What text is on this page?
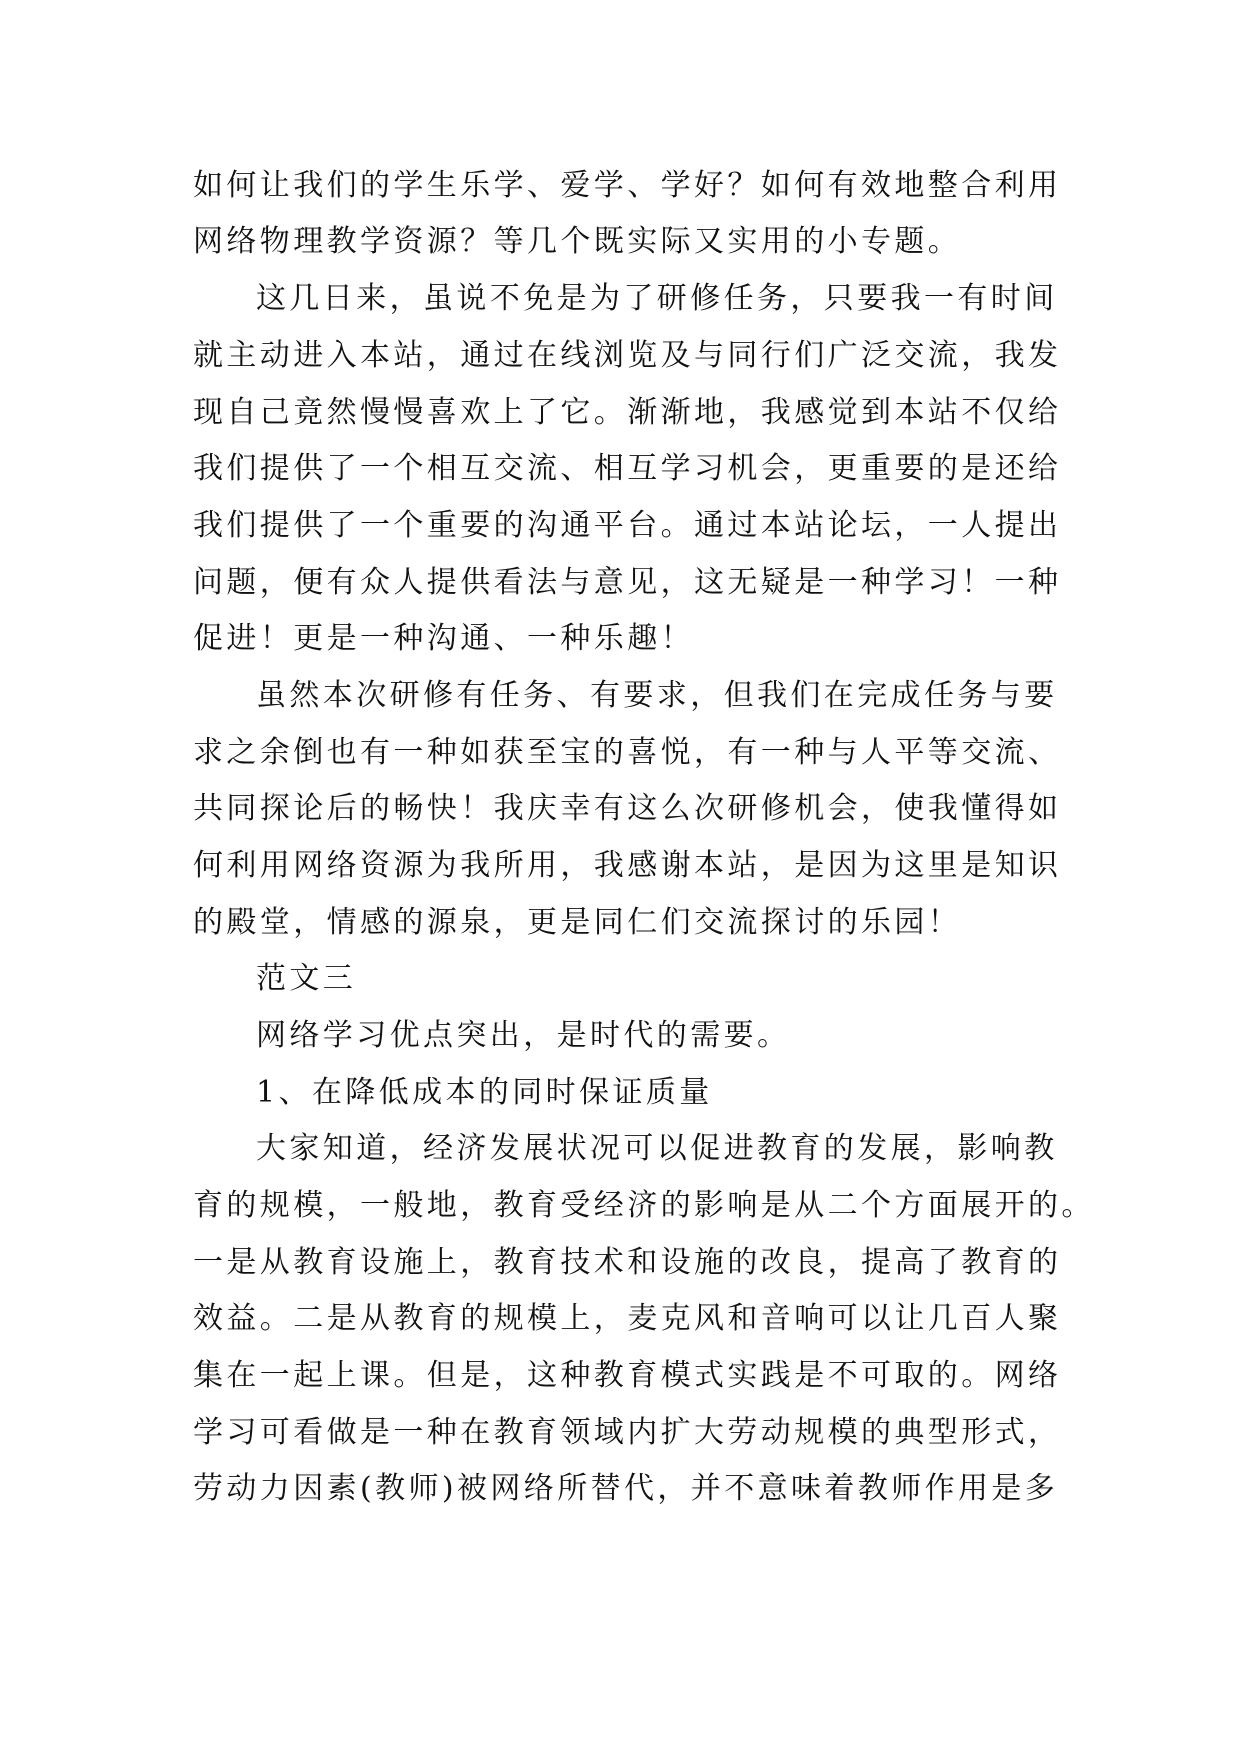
如何让我们的学生乐学、爱学、学好？如何有效地整合利用
网络物理教学资源？等几个既实际又实用的小专题。
这几日来，虽说不免是为了研修任务，只要我一有时间
就主动进入本站，通过在线浏览及与同行们广泛交流，我发
现自己竟然慢慢喜欢上了它。渐渐地，我感觉到本站不仅给
我们提供了一个相互交流、相互学习机会，更重要的是还给
我们提供了一个重要的沟通平台。通过本站论坛，一人提出
问题，便有众人提供看法与意见，这无疑是一种学习！一种
促进！更是一种沟通、一种乐趣！
虽然本次研修有任务、有要求，但我们在完成任务与要
求之余倒也有一种如获至宝的喜悦，有一种与人平等交流、
共同探论后的畅快！我庆幸有这么次研修机会，使我懂得如
何利用网络资源为我所用，我感谢本站，是因为这里是知识
的殿堂，情感的源泉，更是同仁们交流探讨的乐园！
范文三
网络学习优点突出，是时代的需要。
1、在降低成本的同时保证质量
大家知道，经济发展状况可以促进教育的发展，影响教
育的规模，一般地，教育受经济的影响是从二个方面展开的。
一是从教育设施上，教育技术和设施的改良，提高了教育的
效益。二是从教育的规模上，麦克风和音响可以让几百人聚
集在一起上课。但是，这种教育模式实践是不可取的。网络
学习可看做是一种在教育领域内扩大劳动规模的典型形式，
劳动力因素(教师)被网络所替代，并不意味着教师作用是多
